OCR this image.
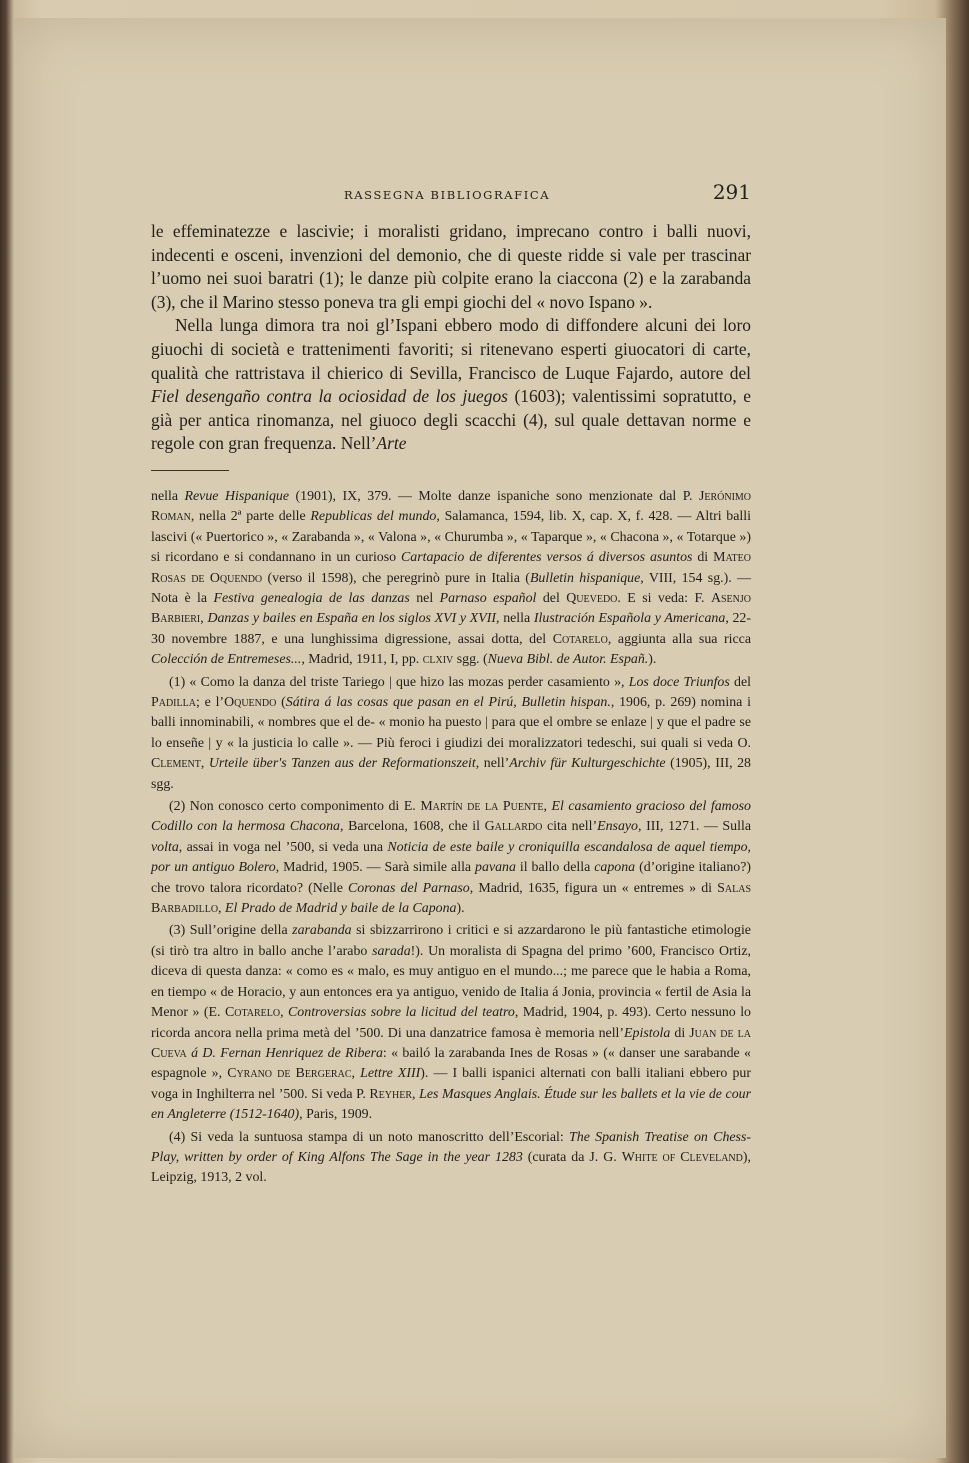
RASSEGNA BIBLIOGRAFICA	291

le effeminatezze e lascivie; i moralisti gridano, imprecano contro i balli nuovi, indecenti e osceni, invenzioni del demonio, che di queste ridde si vale per trascinar l’uomo nei suoi baratri (1); le danze più colpite erano la ciaccona (2) e la zarabanda (3), che il Marino stesso poneva tra gli empi giochi del « novo Ispano ».

Nella lunga dimora tra noi gl’Ispani ebbero modo di diffondere alcuni dei loro giuochi di società e trattenimenti favoriti; si ritenevano esperti giuocatori di carte, qualità che rattristava il chierico di Sevilla, Francisco de Luque Fajardo, autore del Fiel desengaño contra la ociosidad de los juegos (1603); valentissimi sopratutto, e già per antica rinomanza, nel giuoco degli scacchi (4), sul quale dettavan norme e regole con gran frequenza. Nell’Arte

nella Revue Hispanique (1901), IX, 379. — Molte danze ispaniche sono menzionate dal P. Jerónimo Roman, nella 2ª parte delle Republicas del mundo, Salamanca, 1594, lib. X, cap. X, f. 428. — Altri balli lascivi (« Puertorico », « Zarabanda », « Valona », « Churumba », « Taparque », « Chacona », « Totarque ») si ricordano e si condannano in un curioso Cartapacio de diferentes versos á diversos asuntos di Mateo Rosas de Oquendo (verso il 1598), che peregrinò pure in Italia (Bulletin hispanique, VIII, 154 sg.). — Nota è la Festiva genealogia de las danzas nel Parnaso español del Quevedo. E si veda: F. Asenjo Barbieri, Danzas y bailes en España en los siglos XVI y XVII, nella Ilustración Española y Americana, 22-30 novembre 1887, e una lunghissima digressione, assai dotta, del Cotarelo, aggiunta alla sua ricca Colección de Entremeses..., Madrid, 1911, I, pp. clxiv sgg. (Nueva Bibl. de Autor. Españ.).

(1) « Como la danza del triste Tariego | que hizo las mozas perder casamiento », Los doce Triunfos del Padilla; e l’Oquendo (Sátira á las cosas que pasan en el Pirú, Bulletin hispan., 1906, p. 269) nomina i balli innominabili, « nombres que el de- « monio ha puesto | para que el ombre se enlaze | y que el padre se lo enseñe | y « la justicia lo calle ». — Più feroci i giudizi dei moralizzatori tedeschi, sui quali si veda O. Clement, Urteile über's Tanzen aus der Reformationszeit, nell’Archiv für Kulturgeschichte (1905), III, 28 sgg.

(2) Non conosco certo componimento di E. Martín de la Puente, El casamiento gracioso del famoso Codillo con la hermosa Chacona, Barcelona, 1608, che il Gallardo cita nell’Ensayo, III, 1271. — Sulla volta, assai in voga nel ’500, si veda una Noticia de este baile y croniquilla escandalosa de aquel tiempo, por un antiguo Bolero, Madrid, 1905. — Sarà simile alla pavana il ballo della capona (d’origine italiano?) che trovo talora ricordato? (Nelle Coronas del Parnaso, Madrid, 1635, figura un « entremes » di Salas Barbadillo, El Prado de Madrid y baile de la Capona).

(3) Sull’origine della zarabanda si sbizzarrirono i critici e si azzardarono le più fantastiche etimologie (si tirò tra altro in ballo anche l’arabo sarada!). Un moralista di Spagna del primo ’600, Francisco Ortiz, diceva di questa danza: « como es « malo, es muy antiguo en el mundo...; me parece que le habia a Roma, en tiempo « de Horacio, y aun entonces era ya antiguo, venido de Italia á Jonia, provincia « fertil de Asia la Menor » (E. Cotarelo, Controversias sobre la licitud del teatro, Madrid, 1904, p. 493). Certo nessuno lo ricorda ancora nella prima metà del ’500. Di una danzatrice famosa è memoria nell’Epistola di Juan de la Cueva á D. Fernan Henriquez de Ribera: « bailó la zarabanda Ines de Rosas » (« danser une sarabande « espagnole », Cyrano de Bergerac, Lettre XIII). — I balli ispanici alternati con balli italiani ebbero pur voga in Inghilterra nel ’500. Si veda P. Reyher, Les Masques Anglais. Étude sur les ballets et la vie de cour en Angleterre (1512-1640), Paris, 1909.

(4) Si veda la suntuosa stampa di un noto manoscritto dell’Escorial: The Spanish Treatise on Chess-Play, written by order of King Alfons The Sage in the year 1283 (curata da J. G. White of Cleveland), Leipzig, 1913, 2 vol.
